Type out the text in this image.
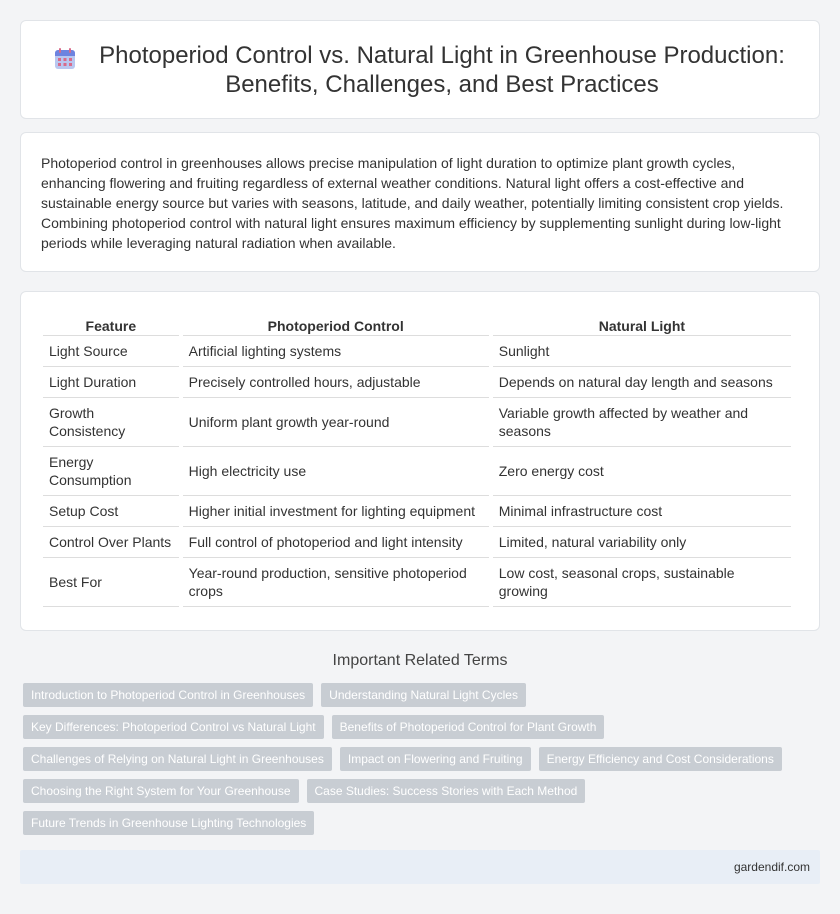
Photoperiod Control vs. Natural Light in Greenhouse Production: Benefits, Challenges, and Best Practices

Photoperiod control in greenhouses allows precise manipulation of light duration to optimize plant growth cycles, enhancing flowering and fruiting regardless of external weather conditions. Natural light offers a cost-effective and sustainable energy source but varies with seasons, latitude, and daily weather, potentially limiting consistent crop yields. Combining photoperiod control with natural light ensures maximum efficiency by supplementing sunlight during low-light periods while leveraging natural radiation when available.

Feature	Photoperiod Control	Natural Light
Light Source	Artificial lighting systems	Sunlight
Light Duration	Precisely controlled hours, adjustable	Depends on natural day length and seasons
Growth Consistency	Uniform plant growth year-round	Variable growth affected by weather and seasons
Energy Consumption	High electricity use	Zero energy cost
Setup Cost	Higher initial investment for lighting equipment	Minimal infrastructure cost
Control Over Plants	Full control of photoperiod and light intensity	Limited, natural variability only
Best For	Year-round production, sensitive photoperiod crops	Low cost, seasonal crops, sustainable growing
Important Related Terms
Introduction to Photoperiod Control in Greenhouses	Understanding Natural Light Cycles
Key Differences: Photoperiod Control vs Natural Light	Benefits of Photoperiod Control for Plant Growth
Challenges of Relying on Natural Light in Greenhouses	Impact on Flowering and Fruiting	Energy Efficiency and Cost Considerations
Choosing the Right System for Your Greenhouse	Case Studies: Success Stories with Each Method
Future Trends in Greenhouse Lighting Technologies
gardendif.com
